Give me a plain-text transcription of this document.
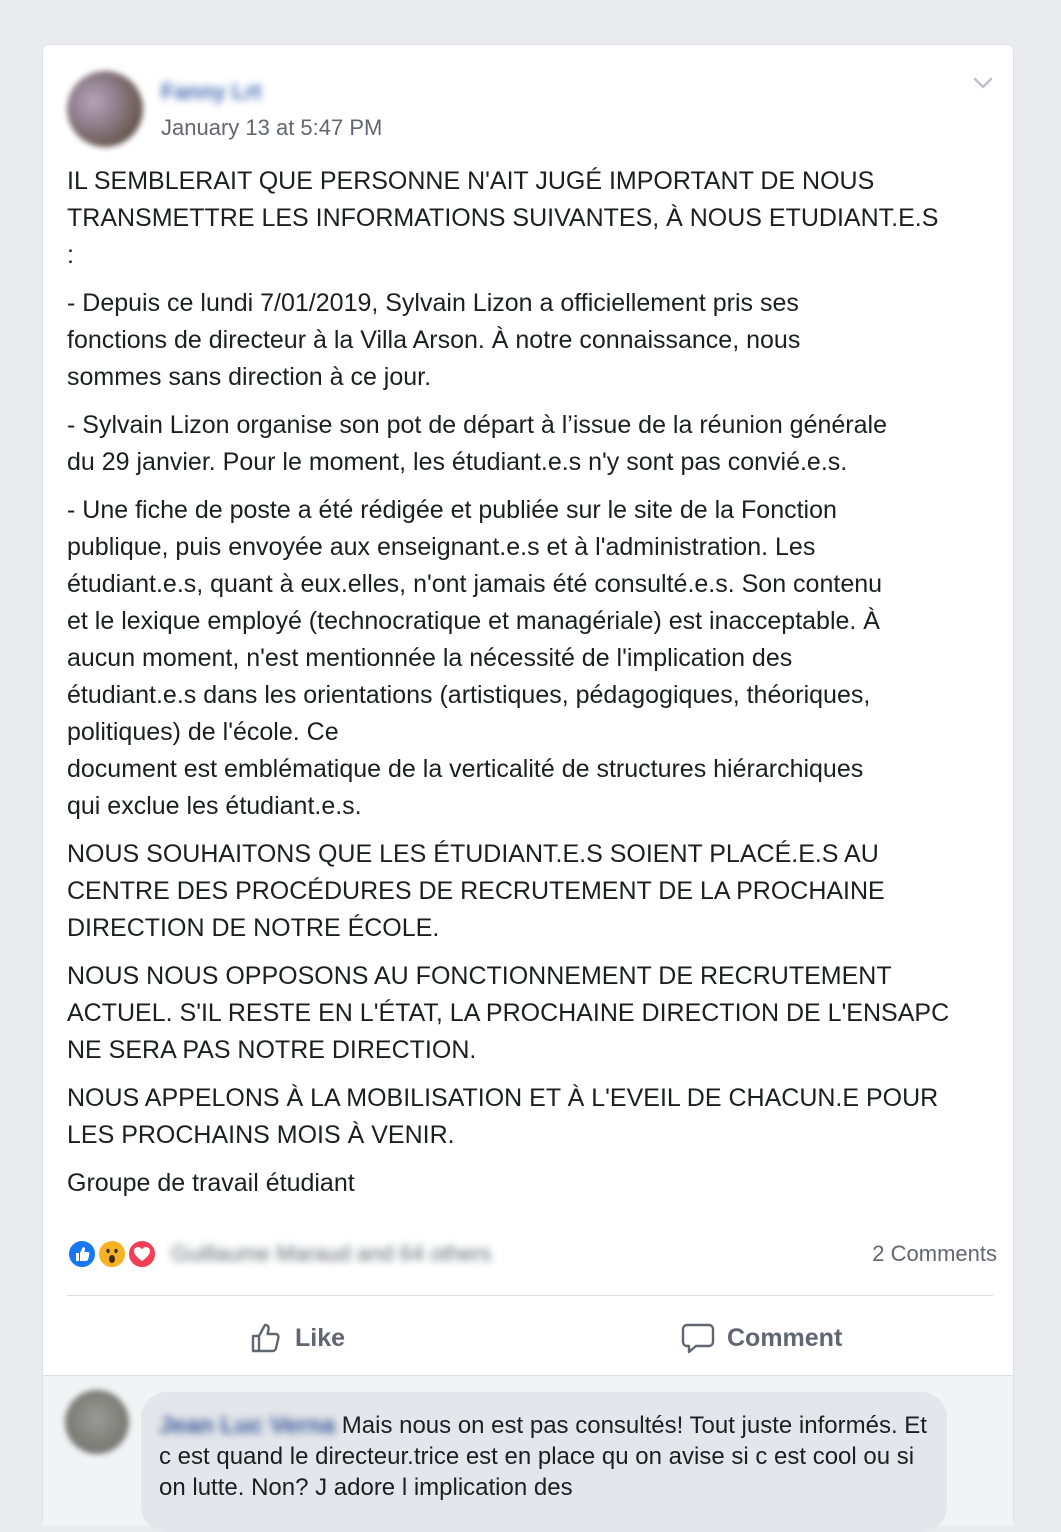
Fanny Lrt
January 13 at 5:47 PM

IL SEMBLERAIT QUE PERSONNE N'AIT JUGÉ IMPORTANT DE NOUS
TRANSMETTRE LES INFORMATIONS SUIVANTES, À NOUS ETUDIANT.E.S
:

- Depuis ce lundi 7/01/2019, Sylvain Lizon a officiellement pris ses
fonctions de directeur à la Villa Arson. À notre connaissance, nous
sommes sans direction à ce jour.

- Sylvain Lizon organise son pot de départ à l’issue de la réunion générale
du 29 janvier. Pour le moment, les étudiant.e.s n'y sont pas convié.e.s.

- Une fiche de poste a été rédigée et publiée sur le site de la Fonction
publique, puis envoyée aux enseignant.e.s et à l'administration. Les
étudiant.e.s, quant à eux.elles, n'ont jamais été consulté.e.s. Son contenu
et le lexique employé (technocratique et managériale) est inacceptable. À
aucun moment, n'est mentionnée la nécessité de l'implication des
étudiant.e.s dans les orientations (artistiques, pédagogiques, théoriques,
politiques) de l'école. Ce
document est emblématique de la verticalité de structures hiérarchiques
qui exclue les étudiant.e.s.

NOUS SOUHAITONS QUE LES ÉTUDIANT.E.S SOIENT PLACÉ.E.S AU
CENTRE DES PROCÉDURES DE RECRUTEMENT DE LA PROCHAINE
DIRECTION DE NOTRE ÉCOLE.

NOUS NOUS OPPOSONS AU FONCTIONNEMENT DE RECRUTEMENT
ACTUEL. S'IL RESTE EN L'ÉTAT, LA PROCHAINE DIRECTION DE L'ENSAPC
NE SERA PAS NOTRE DIRECTION.

NOUS APPELONS À LA MOBILISATION ET À L'EVEIL DE CHACUN.E POUR
LES PROCHAINS MOIS À VENIR.

Groupe de travail étudiant

Guillaume Maraud and 64 others	2 Comments
Like	Comment
Jean Luc Verna Mais nous on est pas consultés! Tout juste informés. Et c est quand le directeur.trice est en place qu on avise si c est cool ou si on lutte. Non? J adore l implication des
